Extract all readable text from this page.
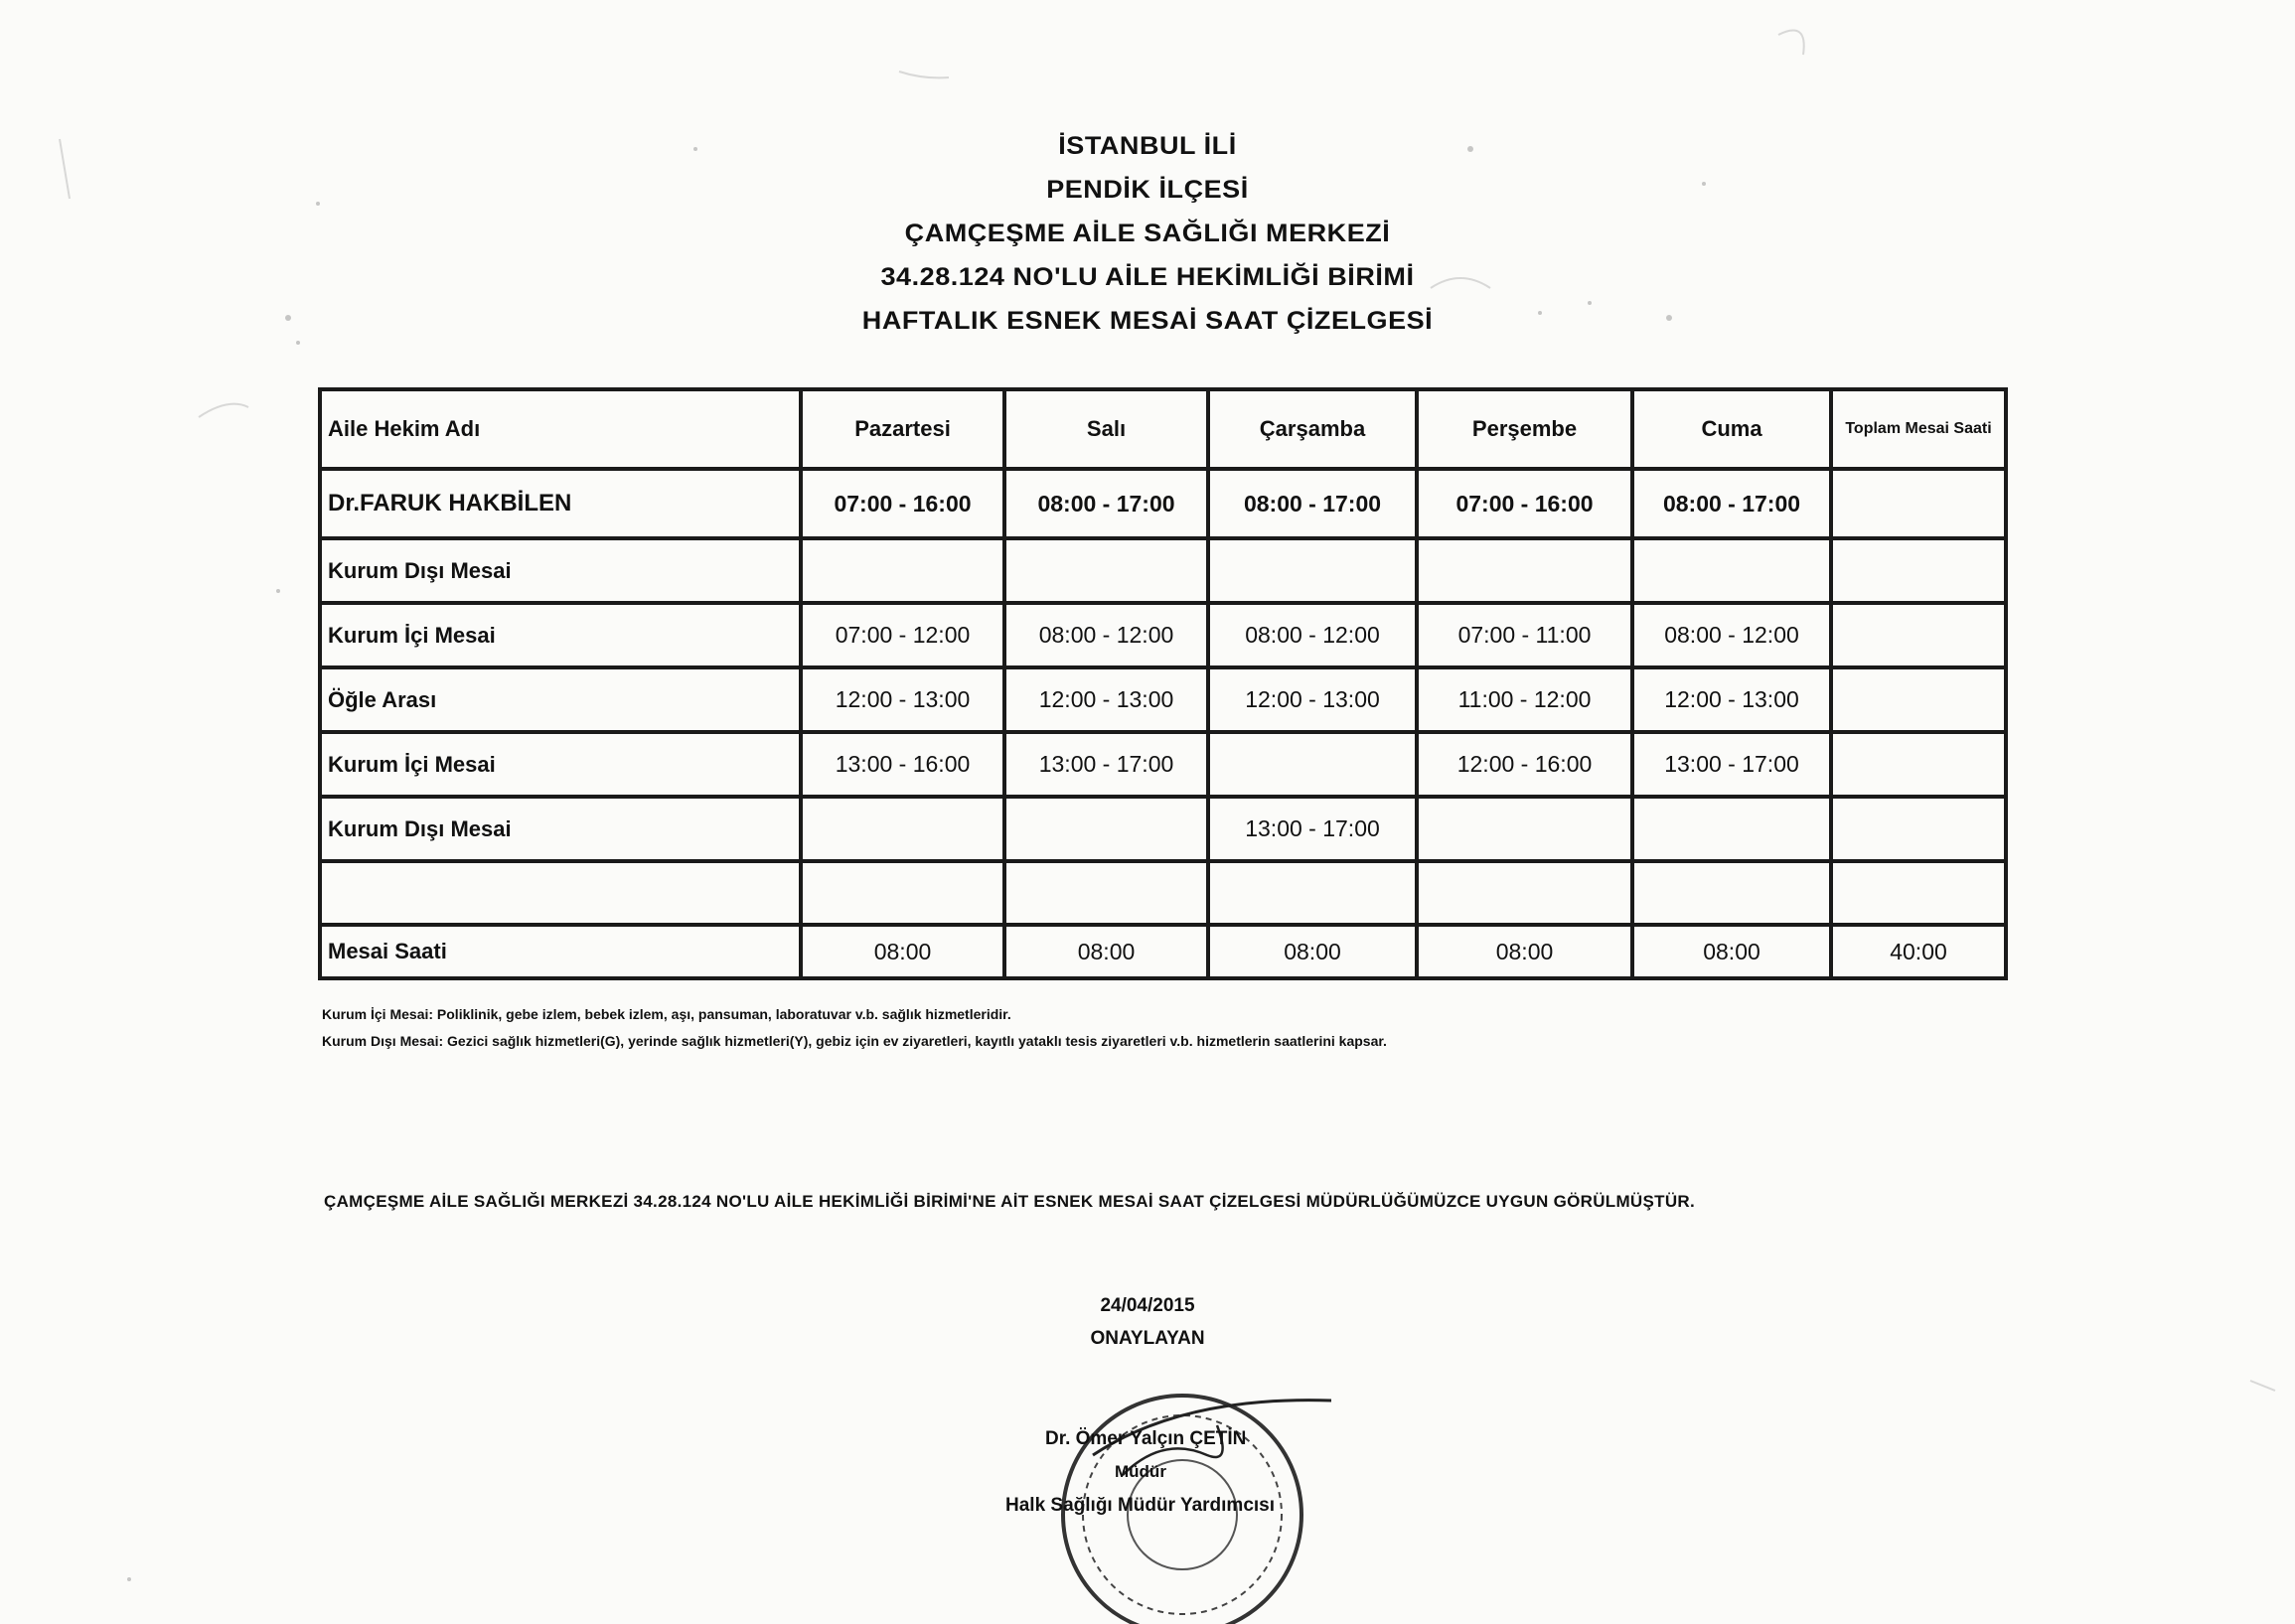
İSTANBUL İLİ
PENDİK İLÇESİ
ÇAMÇEŞME AİLE SAĞLIĞI MERKEZİ
34.28.124 NO'LU AİLE HEKİMLİĞİ BİRİMİ
HAFTALIK ESNEK MESAİ SAAT ÇİZELGESİ
Aile Hekim Adı	Pazartesi	Salı	Çarşamba	Perşembe	Cuma	Toplam Mesai Saati
Dr.FARUK HAKBİLEN	07:00 - 16:00	08:00 - 17:00	08:00 - 17:00	07:00 - 16:00	08:00 - 17:00	
Kurum Dışı Mesai						
Kurum İçi Mesai	07:00 - 12:00	08:00 - 12:00	08:00 - 12:00	07:00 - 11:00	08:00 - 12:00	
Öğle Arası	12:00 - 13:00	12:00 - 13:00	12:00 - 13:00	11:00 - 12:00	12:00 - 13:00	
Kurum İçi Mesai	13:00 - 16:00	13:00 - 17:00		12:00 - 16:00	13:00 - 17:00	
Kurum Dışı Mesai			13:00 - 17:00			

Mesai Saati	08:00	08:00	08:00	08:00	08:00	40:00
Kurum İçi Mesai: Poliklinik, gebe izlem, bebek izlem, aşı, pansuman, laboratuvar v.b. sağlık hizmetleridir.
Kurum Dışı Mesai: Gezici sağlık hizmetleri(G), yerinde sağlık hizmetleri(Y), gebiz için ev ziyaretleri, kayıtlı yataklı tesis ziyaretleri v.b. hizmetlerin saatlerini kapsar.
ÇAMÇEŞME AİLE SAĞLIĞI MERKEZİ 34.28.124 NO'LU AİLE HEKİMLİĞİ BİRİMİ'NE AİT ESNEK MESAİ SAAT ÇİZELGESİ MÜDÜRLÜĞÜMÜZCE UYGUN GÖRÜLMÜŞTÜR.
24/04/2015
ONAYLAYAN
Dr. Ömer Yalçın ÇETİN
Müdür
Halk Sağlığı Müdür Yardımcısı
